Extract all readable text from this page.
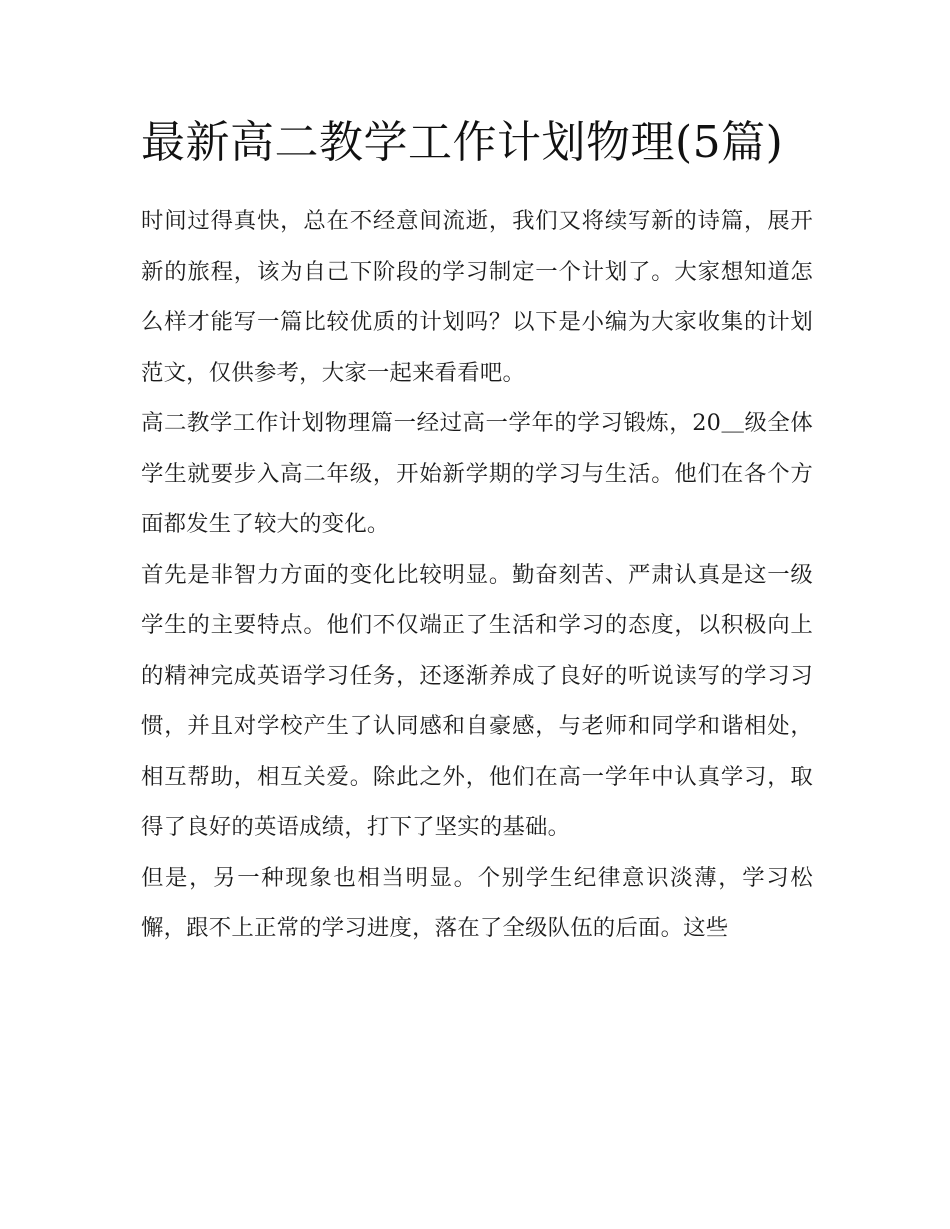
最新高二教学工作计划物理(5篇)

时间过得真快，总在不经意间流逝，我们又将续写新的诗篇，展开新的旅程，该为自己下阶段的学习制定一个计划了。大家想知道怎么样才能写一篇比较优质的计划吗？以下是小编为大家收集的计划范文，仅供参考，大家一起来看看吧。

高二教学工作计划物理篇一经过高一学年的学习锻炼，20＿级全体学生就要步入高二年级，开始新学期的学习与生活。他们在各个方面都发生了较大的变化。

首先是非智力方面的变化比较明显。勤奋刻苦、严肃认真是这一级学生的主要特点。他们不仅端正了生活和学习的态度，以积极向上的精神完成英语学习任务，还逐渐养成了良好的听说读写的学习习惯，并且对学校产生了认同感和自豪感，与老师和同学和谐相处，相互帮助，相互关爱。除此之外，他们在高一学年中认真学习，取得了良好的英语成绩，打下了坚实的基础。

但是，另一种现象也相当明显。个别学生纪律意识淡薄，学习松懈，跟不上正常的学习进度，落在了全级队伍的后面。这些
